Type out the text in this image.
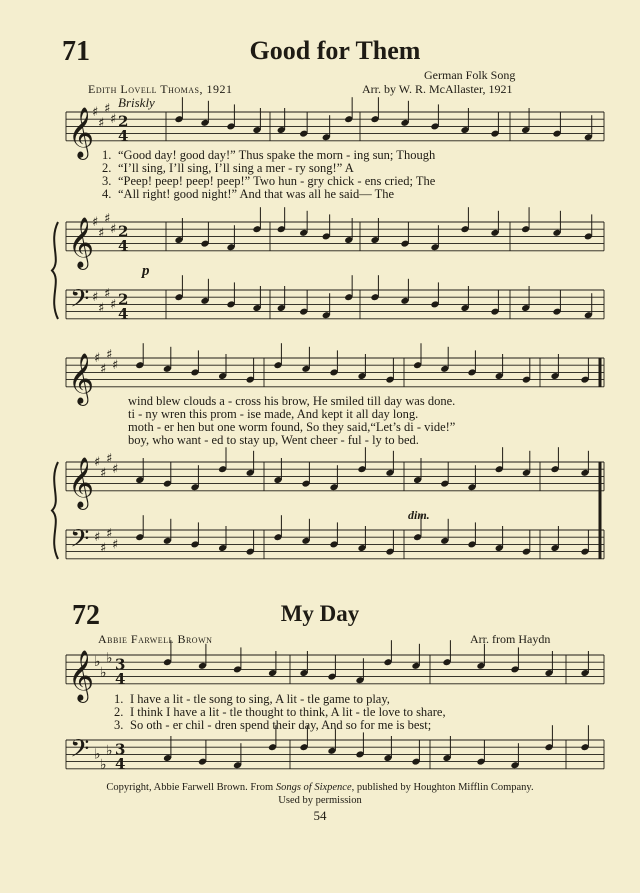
71	Good for Them
German Folk Song
Edith Lovell Thomas, 1921	Arr. by W. R. McAllaster, 1921
Briskly
1. “Good day! good day!” Thus spake the morn - ing sun; Though
2. “I’ll sing, I’ll sing, I’ll sing a mer - ry song!” A
3. “Peep! peep! peep! peep!” Two hun - gry chick - ens cried; The
4. “All right! good night!” And that was all he said— The
p
wind blew clouds a - cross his brow, He smiled till day was done.
ti - ny wren this prom - ise made, And kept it all day long.
moth - er hen but one worm found, So they said,“Let’s di - vide!”
boy, who want - ed to stay up, Went cheer - ful - ly to bed.
dim.
72	My Day
Abbie Farwell Brown	Arr. from Haydn
1. I have a lit - tle song to sing, A lit - tle game to play,
2. I think I have a lit - tle thought to think, A lit - tle love to share,
3. So oth - er chil - dren spend their day, And so for me is best;
Copyright, Abbie Farwell Brown. From Songs of Sixpence, published by Houghton Mifflin Company.
Used by permission
54
𝄞
𝄞
𝄢
♯
♯
♯
♯
♯
♯
♯
♯
♯
♯
♯
♯
2
4
2
4
2
4
𝄞
𝄞
𝄢
♯
♯
♯
♯
♯
♯
♯
♯
♯
♯
♯
♯
𝄞
𝄢
♭
♭
♭
♭
♭
♭
3
4
3
4
